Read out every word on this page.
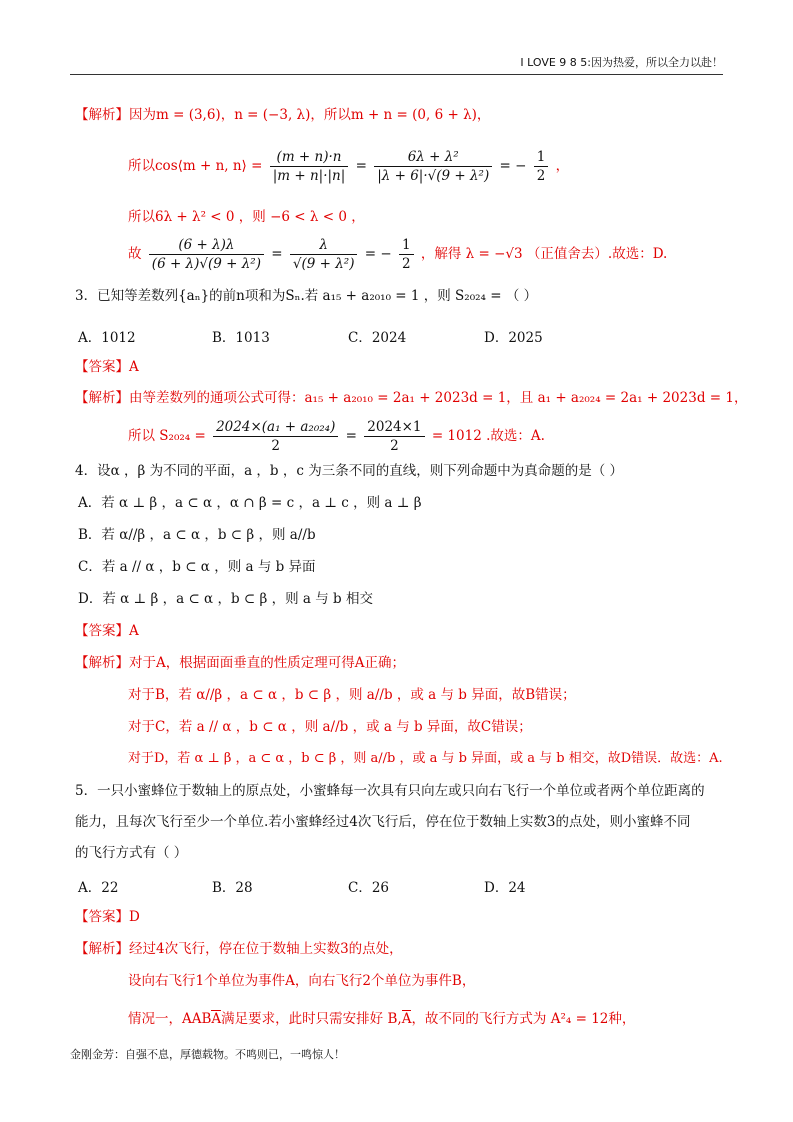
I LOVE 9 8 5:因为热爱，所以全力以赴！
【解析】因为m = (3,6)，n = (−3, λ)，所以m + n = (0, 6 + λ)，
所以cos⟨m + n, n⟩ = $\frac{(m + n)\cdot n}{|m + n|\cdot|n|} = \frac{\text{6λ + λ²}}{\text{|λ + 6|·√(9 + λ²)}}$ = − $\frac{1}{2}$ ，
所以6λ + λ² < 0 ，则 −6 < λ < 0 ，
故 $\frac{(6 + \lambda)\lambda}{\text{(6 + λ)√(9 + λ²)}} = \frac{\lambda}{\text{√(9 + λ²)}}$ = − $\frac{1}{2}$ ，解得 λ = −√3 （正值舍去）.故选：D.
3．已知等差数列{aₙ}的前n项和为Sₙ.若 a₁₅ + a₂₀₁₀ = 1 ，则 S₂₀₂₄ = （ ）
A．1012	B．1013	C．2024	D．2025
【答案】A
【解析】由等差数列的通项公式可得：a₁₅ + a₂₀₁₀ = 2a₁ + 2023d = 1，且 a₁ + a₂₀₂₄ = 2a₁ + 2023d = 1，
所以 $S_{2024} = \frac{\text{2024×(a₁ + a₂₀₂₄)}}{2} = \frac{2024\times 1}{2} = 1012$ .故选：A.
4．设α ，β 为不同的平面，a ，b ，c 为三条不同的直线，则下列命题中为真命题的是（ ）
A．若 α ⊥ β ，a ⊂ α ，α ∩ β = c ，a ⊥ c ，则 a ⊥ β
B．若 α//β ，a ⊂ α ，b ⊂ β ，则 a//b
C．若 a // α ，b ⊂ α ，则 a 与 b 异面
D．若 α ⊥ β ，a ⊂ α ，b ⊂ β ，则 a 与 b 相交
【答案】A
【解析】对于A，根据面面垂直的性质定理可得A正确；
对于B，若 α//β ，a ⊂ α ，b ⊂ β ，则 a//b ，或 a 与 b 异面，故B错误；
对于C，若 a // α ，b ⊂ α ，则 a//b ，或 a 与 b 异面，故C错误；
对于D，若 α ⊥ β ，a ⊂ α ，b ⊂ β ，则 a//b ，或 a 与 b 异面，或 a 与 b 相交，故D错误．故选：A.
5．一只小蜜蜂位于数轴上的原点处，小蜜蜂每一次具有只向左或只向右飞行一个单位或者两个单位距离的
能力，且每次飞行至少一个单位.若小蜜蜂经过4次飞行后，停在位于数轴上实数3的点处，则小蜜蜂不同
的飞行方式有（ ）
A．22	B．28	C．26	D．24
【答案】D
【解析】经过4次飞行，停在位于数轴上实数3的点处，
设向右飞行1个单位为事件A，向右飞行2个单位为事件B，
情况一，AABA满足要求，此时只需安排好 B,A，故不同的飞行方式为 A²₄ = 12种，
金刚金芳：自强不息，厚德载物。不鸣则已，一鸣惊人！
